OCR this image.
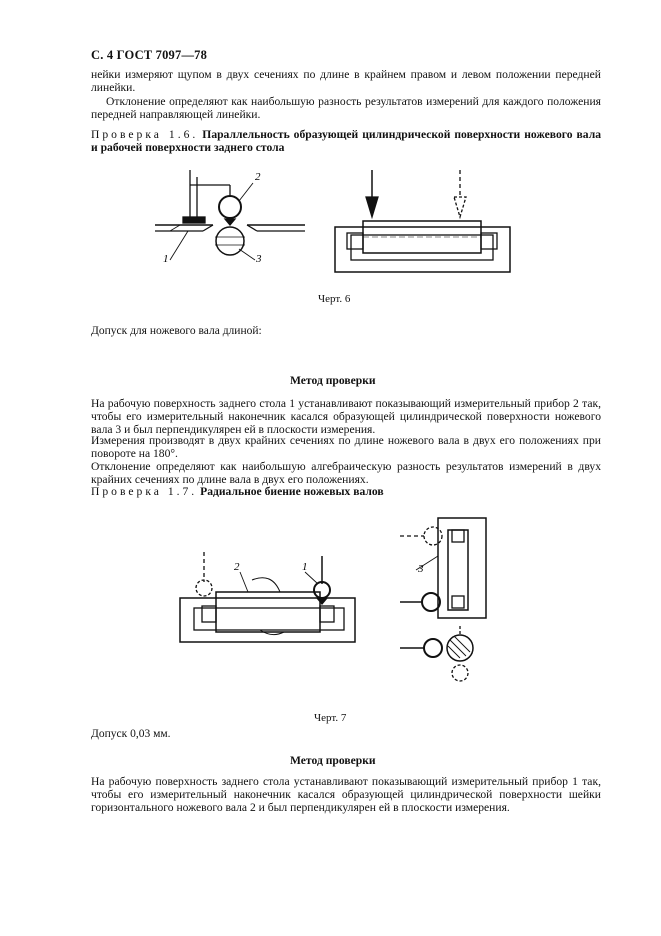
С. 4 ГОСТ 7097—78

нейки измеряют щупом в двух сечениях по длине в крайнем правом и левом положении передней линейки.

Отклонение определяют как наибольшую разность результатов измерений для каждого положения передней направляющей линейки.

Проверка 1.6. Параллельность образующей цилиндрической поверхности ножевого вала и рабочей поверхности заднего стола

1
2
3
Черт. 6
Допуск для ножевого вала длиной:
Метод проверки

На рабочую поверхность заднего стола 1 устанавливают показывающий измерительный прибор 2 так, чтобы его измерительный наконечник касался образующей цилиндрической поверхности ножевого вала 3 и был перпендикулярен ей в плоскости измерения.

Измерения производят в двух крайних сечениях по длине ножевого вала в двух его положениях при повороте на 180°.

Отклонение определяют как наибольшую алгебраическую разность результатов измерений в двух крайних сечениях по длине вала в двух его положениях.

Проверка 1.7. Радиальное биение ножевых валов

2	1	3
Черт. 7
Допуск 0,03 мм.
Метод проверки

На рабочую поверхность заднего стола устанавливают показывающий измерительный прибор 1 так, чтобы его измерительный наконечник касался образующей цилиндрической поверхности шейки горизонтального ножевого вала 2 и был перпендикулярен ей в плоскости измерения.
